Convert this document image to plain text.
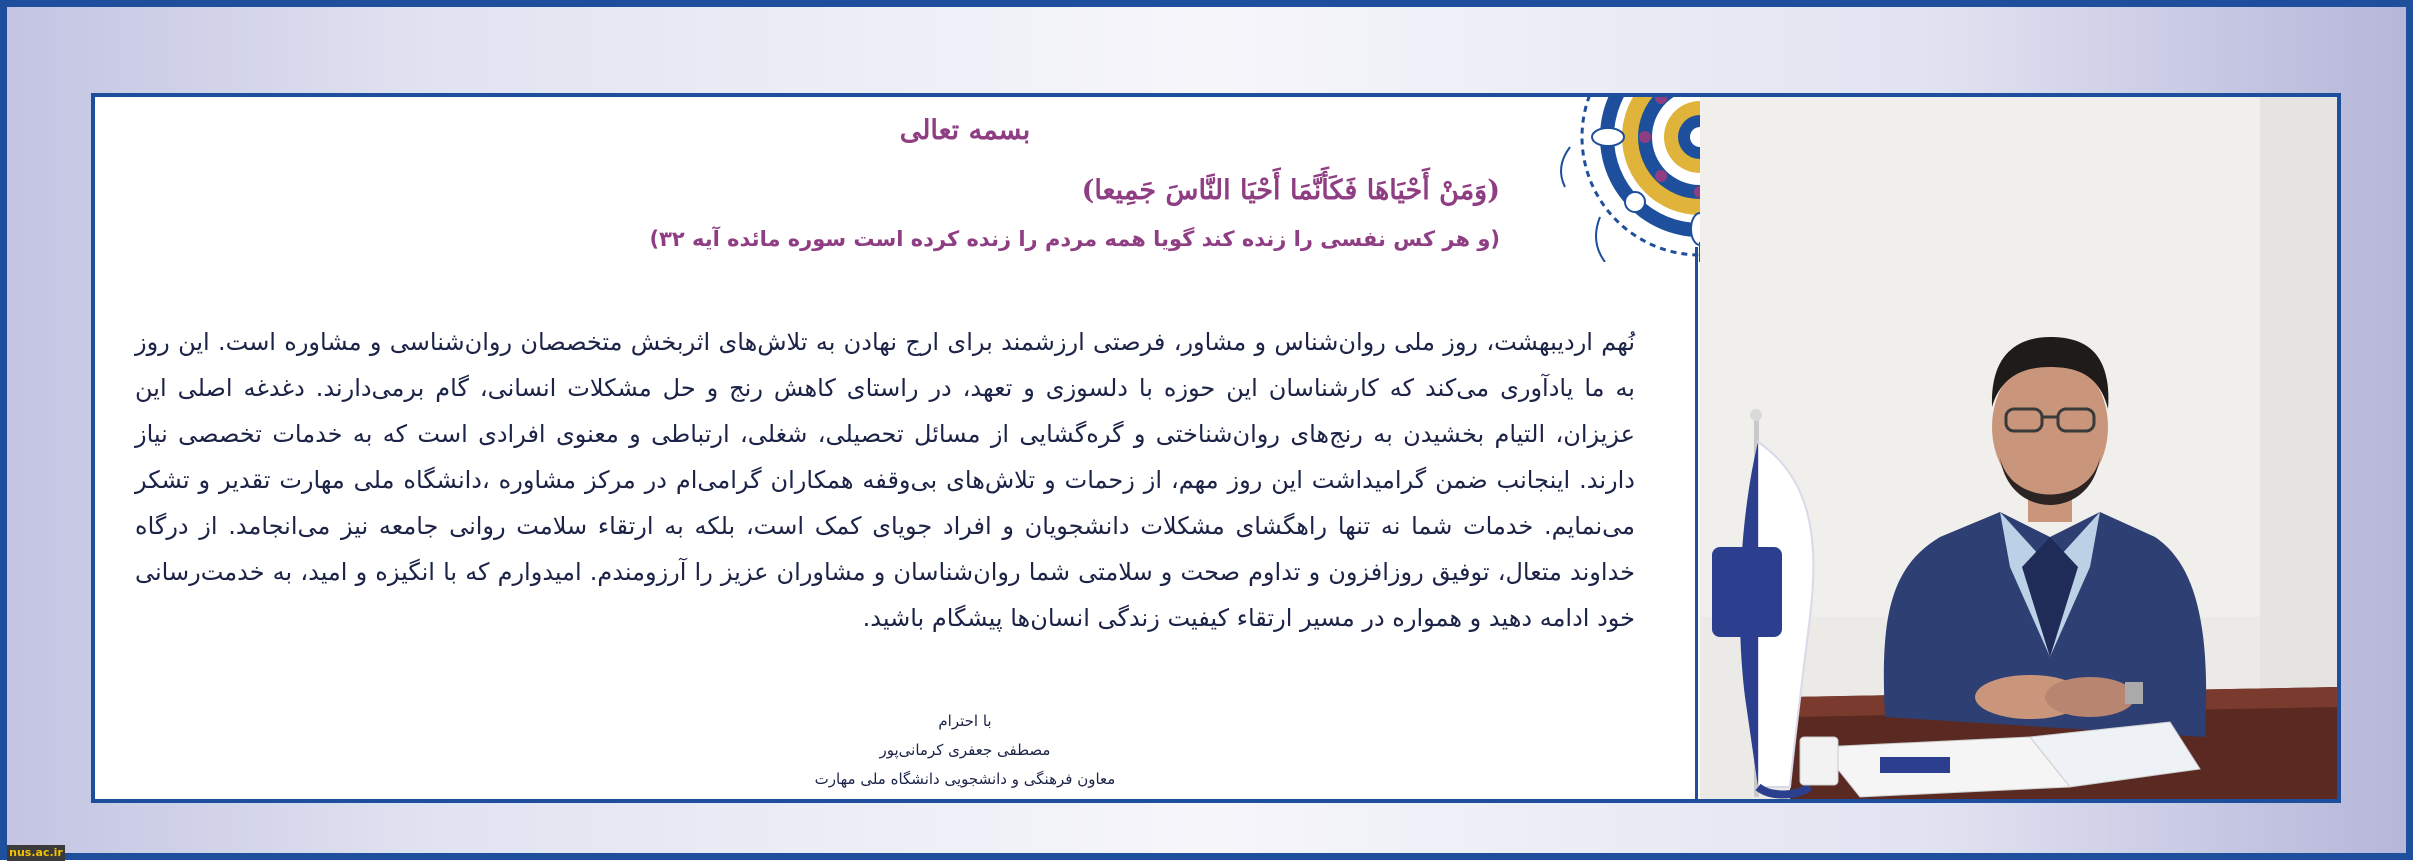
بسمه تعالی
(وَمَنْ أَحْيَاهَا فَكَأَنَّمَا أَحْيَا النَّاسَ جَمِيعا)
(و هر کس نفسی را زنده کند گویا همه مردم را زنده کرده است سوره مائده آیه ۳۲)
نُهم اردیبهشت، روز ملی روان‌شناس و مشاور، فرصتی ارزشمند برای ارج نهادن به تلاش‌های اثربخش متخصصان روان‌شناسی و مشاوره است. این روز به ما یادآوری می‌کند که کارشناسان این حوزه با دلسوزی و تعهد، در راستای کاهش رنج و حل مشکلات انسانی، گام برمی‌دارند. دغدغه اصلی این عزیزان، التیام بخشیدن به رنج‌های روان‌شناختی و گره‌گشایی از مسائل تحصیلی، شغلی، ارتباطی و معنوی افرادی است که به خدمات تخصصی نیاز دارند. اینجانب ضمن گرامیداشت این روز مهم، از زحمات و تلاش‌های بی‌وقفه همکاران گرامی‌ام در مرکز مشاوره ،دانشگاه ملی مهارت تقدیر و تشکر می‌نمایم. خدمات شما نه تنها راهگشای مشکلات دانشجویان و افراد جویای کمک است، بلکه به ارتقاء سلامت روانی جامعه نیز می‌انجامد. از درگاه خداوند متعال، توفیق روزافزون و تداوم صحت و سلامتی شما روان‌شناسان و مشاوران عزیز را آرزومندم. امیدوارم که با انگیزه و امید، به خدمت‌رسانی خود ادامه دهید و همواره در مسیر ارتقاء کیفیت زندگی انسان‌ها پیشگام باشید.
با احترام
مصطفی جعفری کرمانی‌پور
معاون فرهنگی و دانشجویی دانشگاه ملی مهارت
nus.ac.ir
